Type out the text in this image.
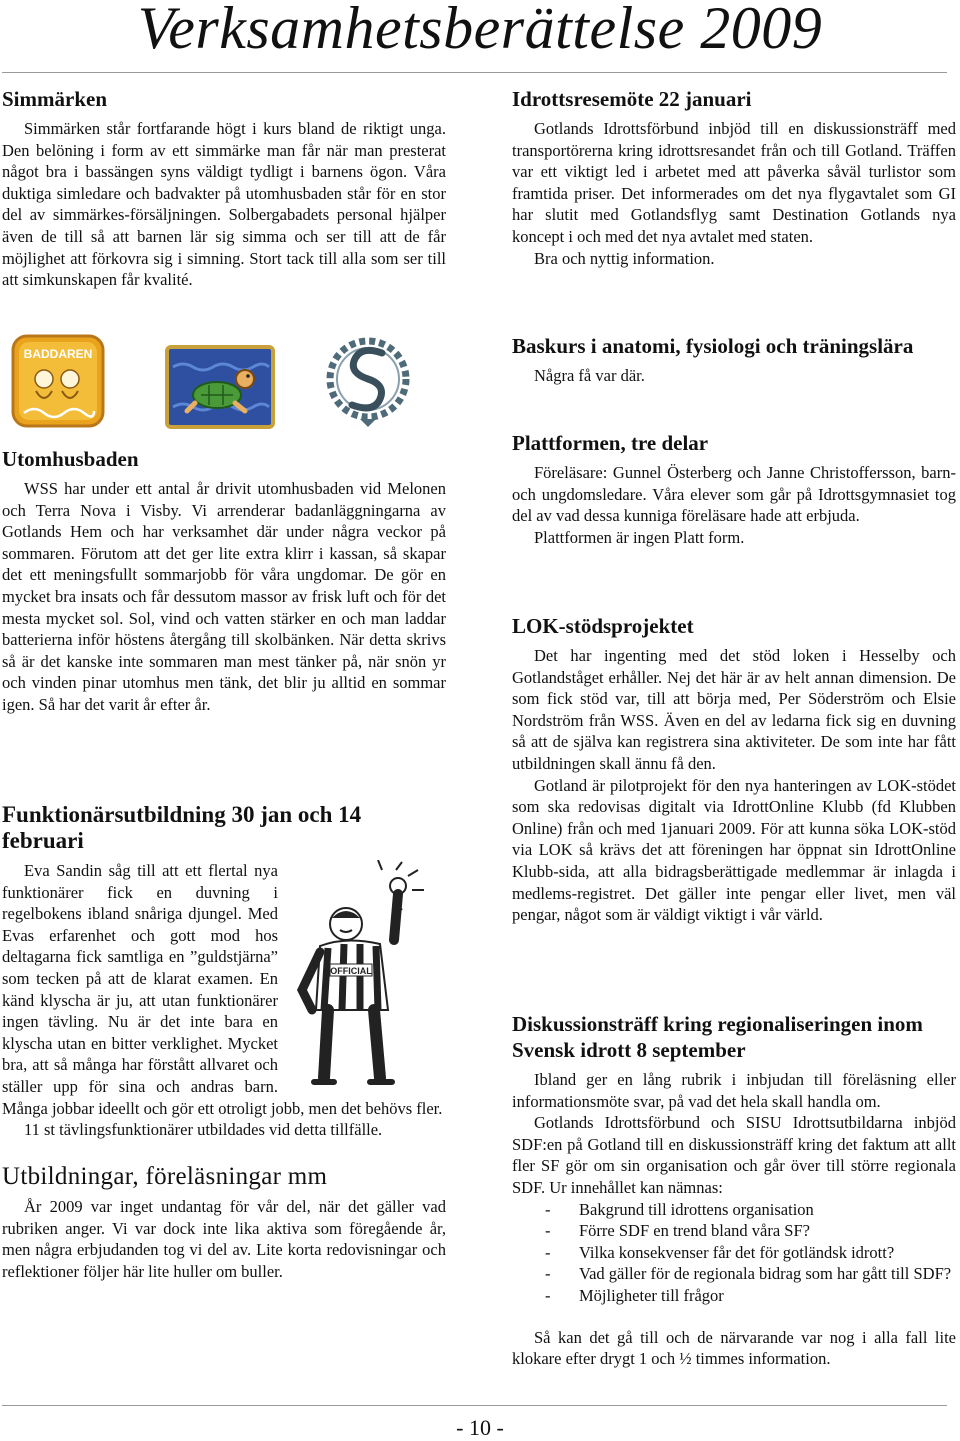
Verksamhetsberättelse 2009
Simmärken

Simmärken står fortfarande högt i kurs bland de riktigt unga. Den belöning i form av ett simmärke man får när man presterat något bra i bassängen syns väldigt tydligt i barnens ögon. Våra duktiga simledare och badvakter på utomhusbaden står för en stor del av simmärkes-försäljningen. Solbergabadets personal hjälper även de till så att barnen lär sig simma och ser till att de får möjlighet att förkovra sig i simning. Stort tack till alla som ser till att simkunskapen får kvalité.

BADDAREN
Utomhusbaden

WSS har under ett antal år drivit utomhusbaden vid Melonen och Terra Nova i Visby. Vi arrenderar badanläggningarna av Gotlands Hem och har verksamhet där under några veckor på sommaren. Förutom att det ger lite extra klirr i kassan, så skapar det ett meningsfullt sommarjobb för våra ungdomar. De gör en mycket bra insats och får dessutom massor av frisk luft och för det mesta mycket sol. Sol, vind och vatten stärker en och man laddar batterierna inför höstens återgång till skolbänken. När detta skrivs så är det kanske inte sommaren man mest tänker på, när snön yr och vinden pinar utomhus men tänk, det blir ju alltid en sommar igen. Så har det varit år efter år.

Funktionärsutbildning 30 jan och 14 februari
OFFICIAL

Eva Sandin såg till att ett flertal nya funktionärer fick en duvning i regelbokens ibland snåriga djungel. Med Evas erfarenhet och gott mod hos deltagarna fick samtliga en ”guldstjärna” som tecken på att de klarat examen. En känd klyscha är ju, att utan funktionärer ingen tävling. Nu är det inte bara en klyscha utan en bitter verklighet. Mycket bra, att så många har förstått allvaret och ställer upp för sina och andras barn. Många jobbar ideellt och gör ett otroligt jobb, men det behövs fler.

11 st tävlingsfunktionärer utbildades vid detta tillfälle.

Utbildningar, föreläsningar mm

År 2009 var inget undantag för vår del, när det gäller vad rubriken anger. Vi var dock inte lika aktiva som föregående år, men några erbjudanden tog vi del av. Lite korta redovisningar och reflektioner följer här lite huller om buller.

Idrottsresemöte 22 januari

Gotlands Idrottsförbund inbjöd till en diskussionsträff med transportörerna kring idrottsresandet från och till Gotland. Träffen var ett viktigt led i arbetet med att påverka såväl turlistor som framtida priser. Det informerades om det nya flygavtalet som GI har slutit med Gotlandsflyg samt Destination Gotlands nya koncept i och med det nya avtalet med staten.

Bra och nyttig information.

Baskurs i anatomi, fysiologi och träningslära

Några få var där.

Plattformen, tre delar

Föreläsare: Gunnel Österberg och Janne Christoffersson, barn- och ungdomsledare. Våra elever som går på Idrottsgymnasiet tog del av vad dessa kunniga föreläsare hade att erbjuda.

Plattformen är ingen Platt form.

LOK-stödsprojektet

Det har ingenting med det stöd loken i Hesselby och Gotlandståget erhåller. Nej det här är av helt annan dimension. De som fick stöd var, till att börja med, Per Söderström och Elsie Nordström från WSS. Även en del av ledarna fick sig en duvning så att de själva kan registrera sina aktiviteter. De som inte har fått utbildningen skall ännu få den.

Gotland är pilotprojekt för den nya hanteringen av LOK-stödet som ska redovisas digitalt via IdrottOnline Klubb (fd Klubben Online) från och med 1januari 2009. För att kunna söka LOK-stöd via LOK så krävs det att föreningen har öppnat sin IdrottOnline Klubb-sida, att alla bidragsberättigade medlemmar är inlagda i medlems-registret. Det gäller inte pengar eller livet, men väl pengar, något som är väldigt viktigt i vår värld.

Diskussionsträff kring regionaliseringen inom Svensk idrott 8 september

Ibland ger en lång rubrik i inbjudan till föreläsning eller informationsmöte svar, på vad det hela skall handla om.

Gotlands Idrottsförbund och SISU Idrottsutbildarna inbjöd SDF:en på Gotland till en diskussionsträff kring det faktum att allt fler SF gör om sin organisation och går över till större regionala SDF. Ur innehållet kan nämnas:

- Bakgrund till idrottens organisation
- Förre SDF en trend bland våra SF?
- Vilka konsekvenser får det för gotländsk idrott?
- Vad gäller för de regionala bidrag som har gått till SDF?
- Möjligheter till frågor

Så kan det gå till och de närvarande var nog i alla fall lite klokare efter drygt 1 och ½ timmes information.

- 10 -
